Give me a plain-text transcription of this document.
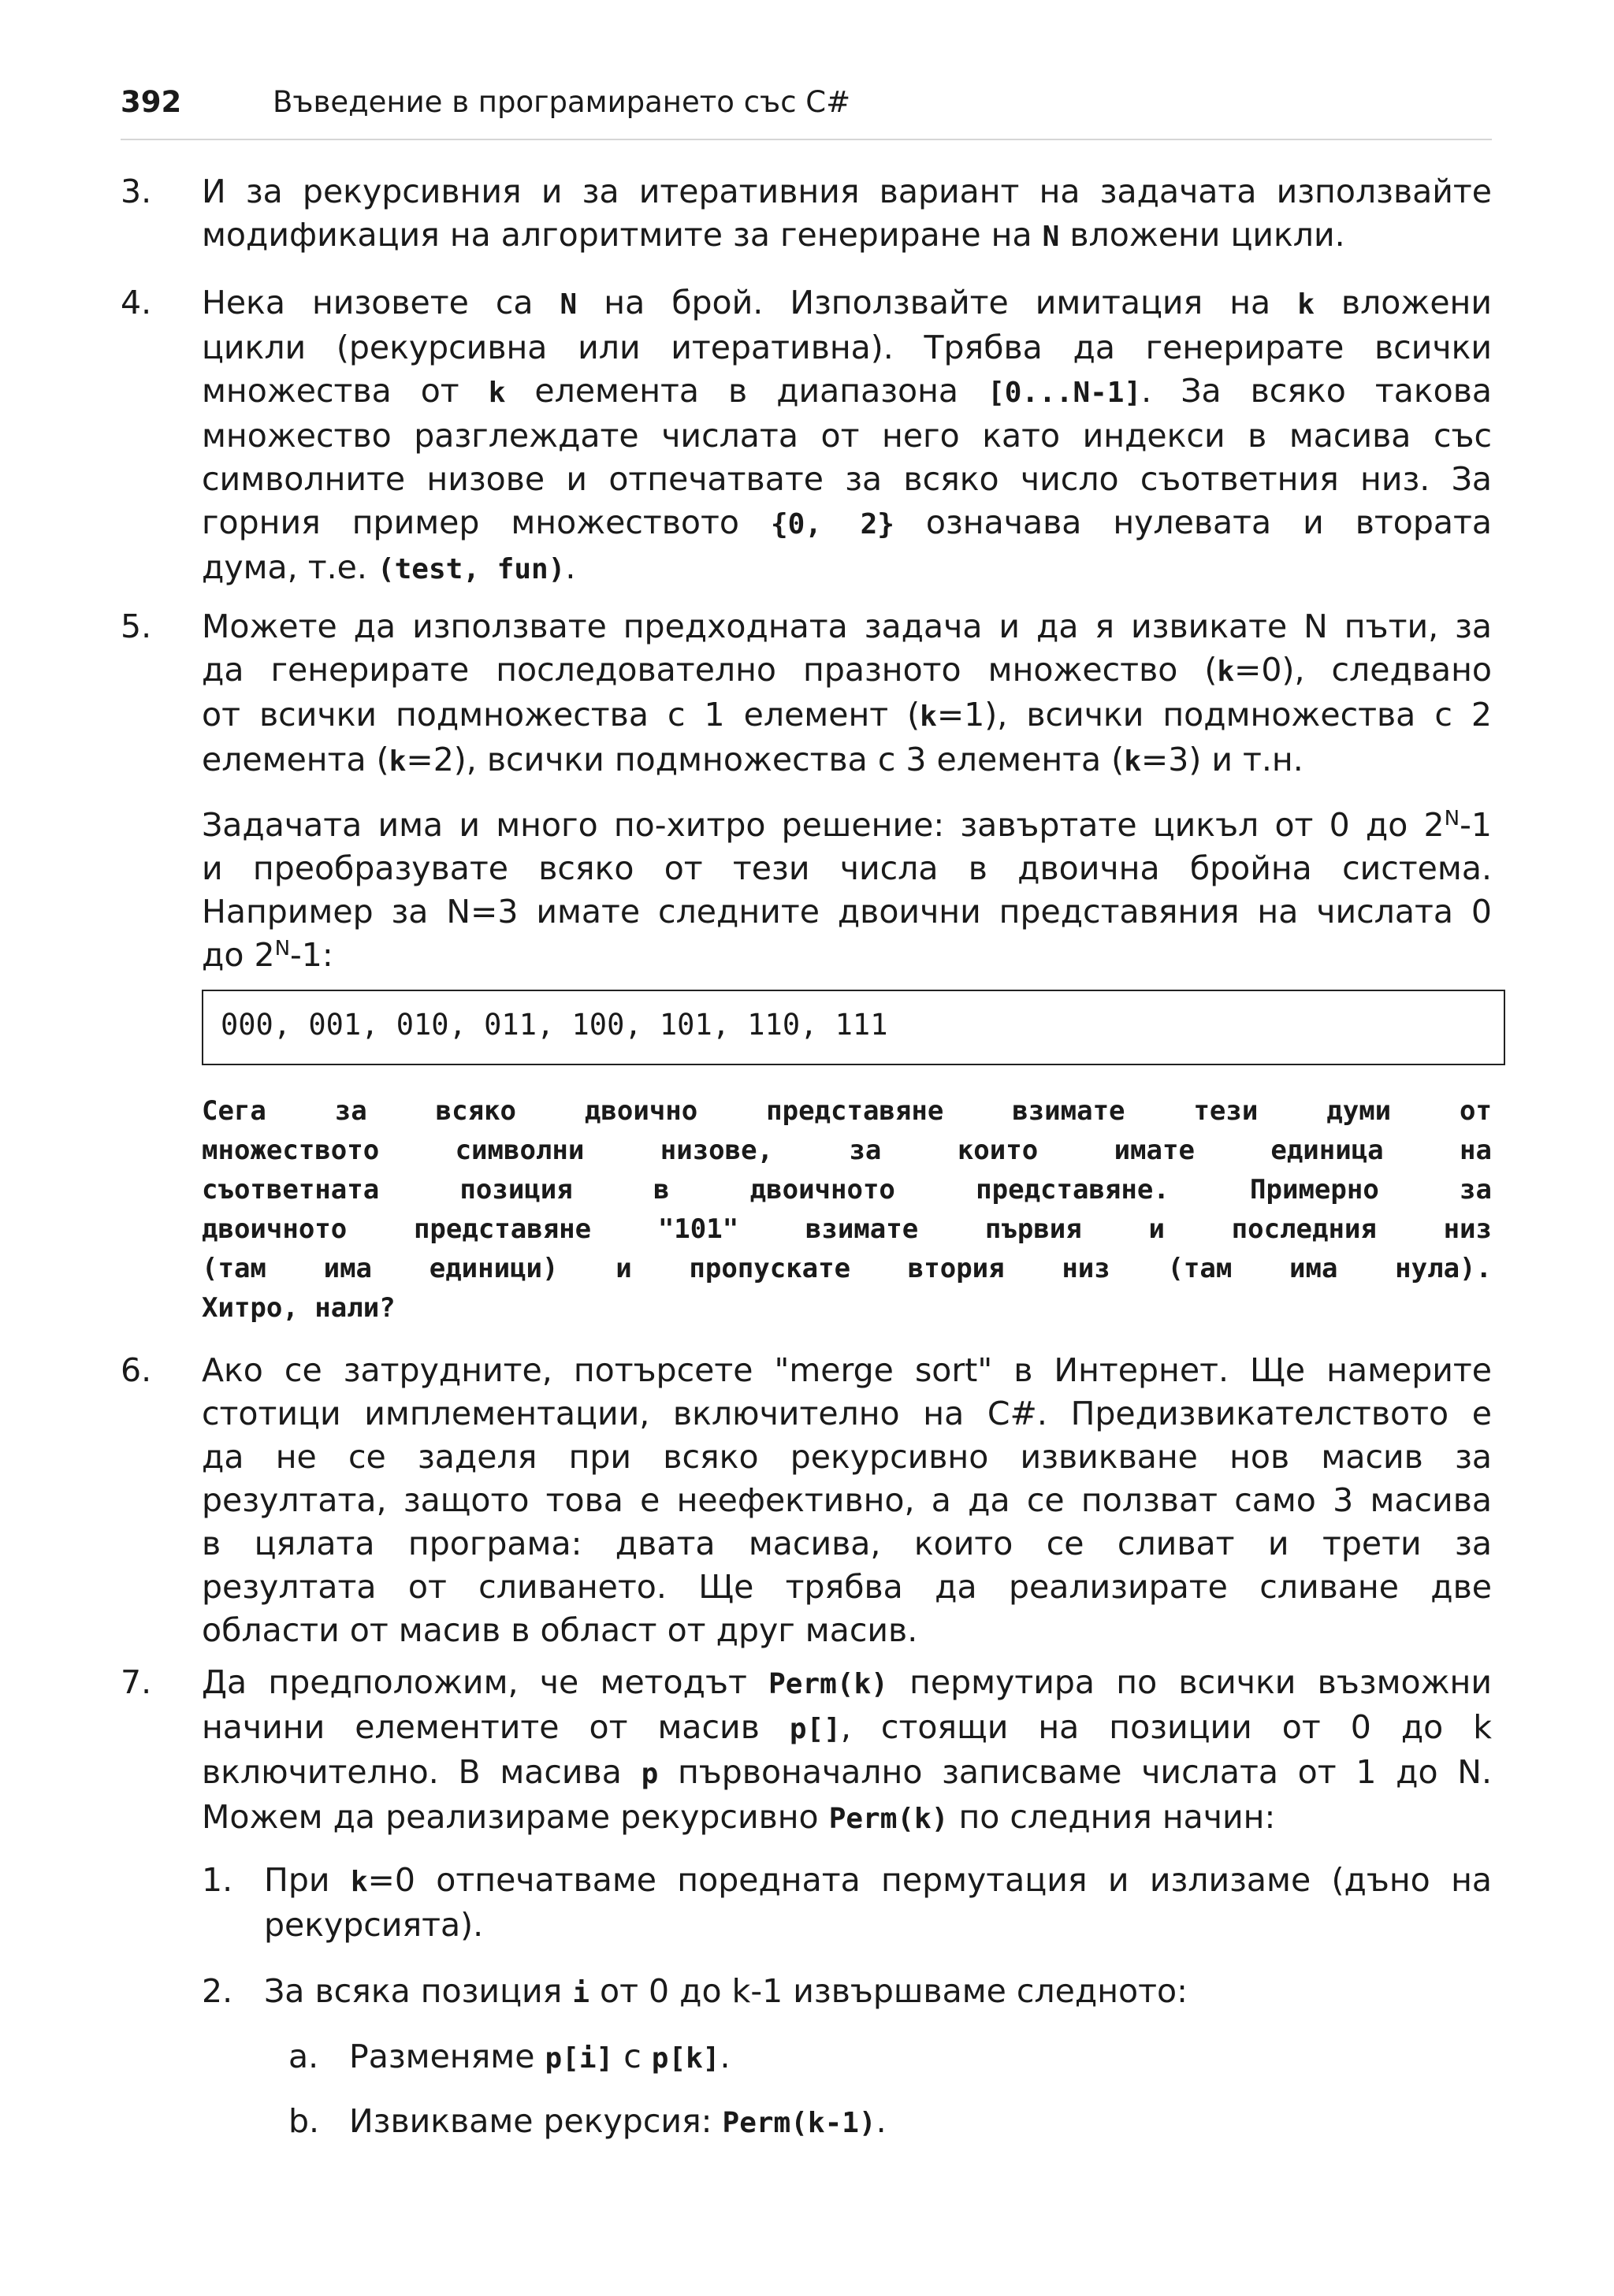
392	Въведение в програмирането със C#
3. И за рекурсивния и за итеративния вариант на задачата използвайте
модификация на алгоритмите за генериране на N вложени цикли.
4. Нека низовете са N на брой. Използвайте имитация на k вложени
цикли (рекурсивна или итеративна). Трябва да генерирате всички
множества от k елемента в диапазона [0...N-1]. За всяко такова
множество разглеждате числата от него като индекси в масива със
символните низове и отпечатвате за всяко число съответния низ. За
горния пример множеството {0, 2} означава нулевата и втората
дума, т.е. (test, fun).
5. Можете да използвате предходната задача и да я извикате N пъти, за
да генерирате последователно празното множество (k=0), следвано
от всички подмножества с 1 елемент (k=1), всички подмножества с 2
елемента (k=2), всички подмножества с 3 елемента (k=3) и т.н.
Задачата има и много по-хитро решение: завъртате цикъл от 0 до $2^N-1$
и преобразувате всяко от тези числа в двоична бройна система.
Например за N=3 имате следните двоични представяния на числата 0
до $2^N-1$:
000, 001, 010, 011, 100, 101, 110, 111
Сега за всяко двоично представяне взимате тези думи от
множеството символни низове, за които имате единица на
съответната позиция в двоичното представяне. Примерно за
двоичното представяне "101" взимате първия и последния низ
(там има единици) и пропускате втория низ (там има нула).
Хитро, нали?
6. Ако се затрудните, потърсете "merge sort" в Интернет. Ще намерите
стотици имплементации, включително на C#. Предизвикателството е
да не се заделя при всяко рекурсивно извикване нов масив за
резултата, защото това е неефективно, а да се ползват само 3 масива
в цялата програма: двата масива, които се сливат и трети за
резултата от сливането. Ще трябва да реализирате сливане две
области от масив в област от друг масив.
7. Да предположим, че методът Perm(k) пермутира по всички възможни
начини елементите от масив p[], стоящи на позиции от 0 до k
включително. В масива p първоначално записваме числата от 1 до N.
Можем да реализираме рекурсивно Perm(k) по следния начин:
1. При k=0 отпечатваме поредната пермутация и излизаме (дъно на
рекурсията).
2. За всяка позиция i от 0 до k-1 извършваме следното:
a. Разменяме p[i] с p[k].
b. Извикваме рекурсия: Perm(k-1).
